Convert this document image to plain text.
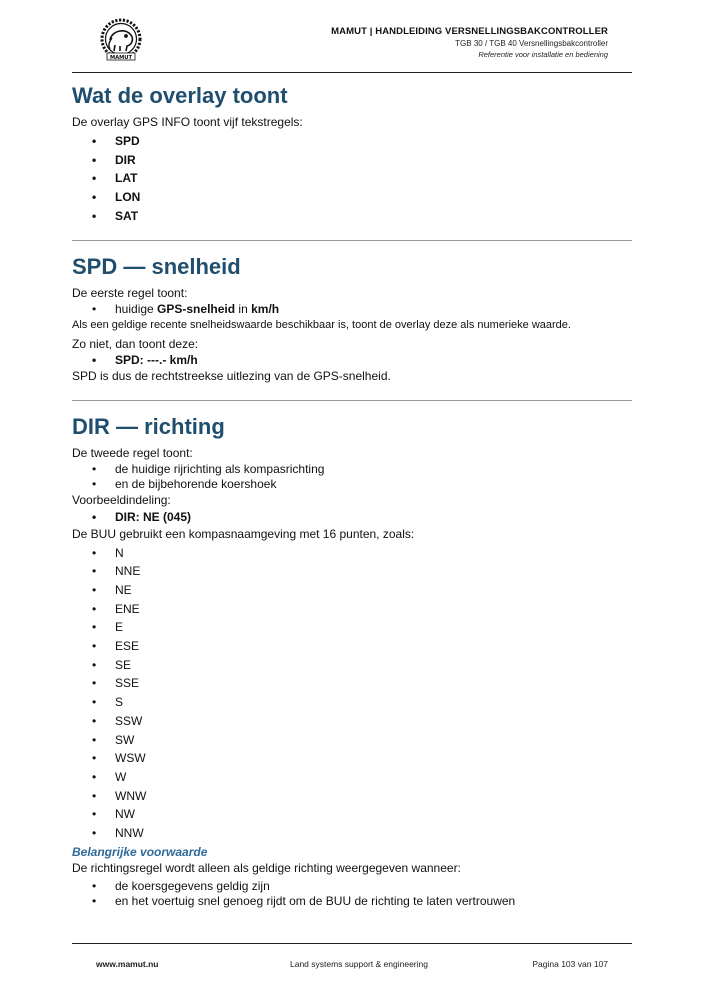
MAMUT
MAMUT | HANDLEIDING VERSNELLINGSBAKCONTROLLER
TGB 30 / TGB 40 Versnellingsbakcontroller
Referentie voor installatie en bediening
Wat de overlay toont

De overlay GPS INFO toont vijf tekstregels:

• SPD
• DIR
• LAT
• LON
• SAT
SPD — snelheid

De eerste regel toont:

• huidige GPS-snelheid in km/h

Als een geldige recente snelheidswaarde beschikbaar is, toont de overlay deze als numerieke waarde.

Zo niet, dan toont deze:

• SPD: ---.- km/h

SPD is dus de rechtstreekse uitlezing van de GPS-snelheid.

DIR — richting

De tweede regel toont:

• de huidige rijrichting als kompasrichting
• en de bijbehorende koershoek

Voorbeeldindeling:

• DIR: NE (045)

De BUU gebruikt een kompasnaamgeving met 16 punten, zoals:

• N
• NNE
• NE
• ENE
• E
• ESE
• SE
• SSE
• S
• SSW
• SW
• WSW
• W
• WNW
• NW
• NNW

Belangrijke voorwaarde

De richtingsregel wordt alleen als geldige richting weergegeven wanneer:

• de koersgegevens geldig zijn
• en het voertuig snel genoeg rijdt om de BUU de richting te laten vertrouwen
www.mamut.nu	Land systems support & engineering	Pagina 103 van 107
